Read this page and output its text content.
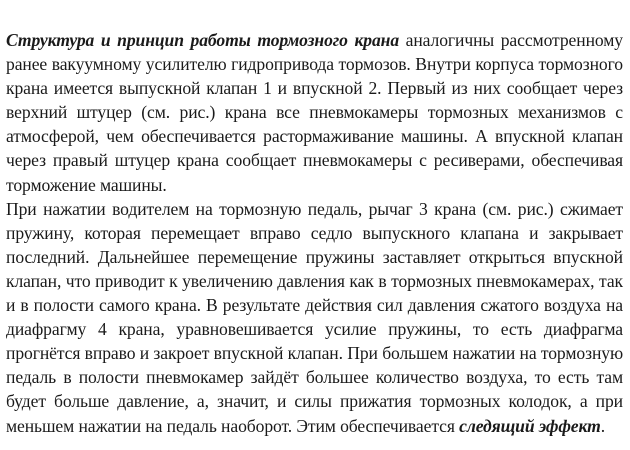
Структура и принцип работы тормозного крана аналогичны рассмотренному ранее вакуумному усилителю гидропривода тормозов. Внутри корпуса тормозного крана имеется выпускной клапан 1 и впускной 2. Первый из них сообщает через верхний штуцер (см. рис.) крана все пневмокамеры тормозных механизмов с атмосферой, чем обеспечивается растормаживание машины. А впускной клапан через правый штуцер крана сообщает пневмокамеры с ресиверами, обеспечивая торможение машины.

При нажатии водителем на тормозную педаль, рычаг 3 крана (см. рис.) сжимает пружину, которая перемещает вправо седло выпускного клапана и закрывает последний. Дальнейшее перемещение пружины заставляет открыться впускной клапан, что приводит к увеличению давления как в тормозных пневмокамерах, так и в полости самого крана. В результате действия сил давления сжатого воздуха на диафрагму 4 крана, уравновешивается усилие пружины, то есть диафрагма прогнётся вправо и закроет впускной клапан. При большем нажатии на тормозную педаль в полости пневмокамер зайдёт большее количество воздуха, то есть там будет больше давление, а, значит, и силы прижатия тормозных колодок, а при меньшем нажатии на педаль наоборот. Этим обеспечивается следящий эффект.
